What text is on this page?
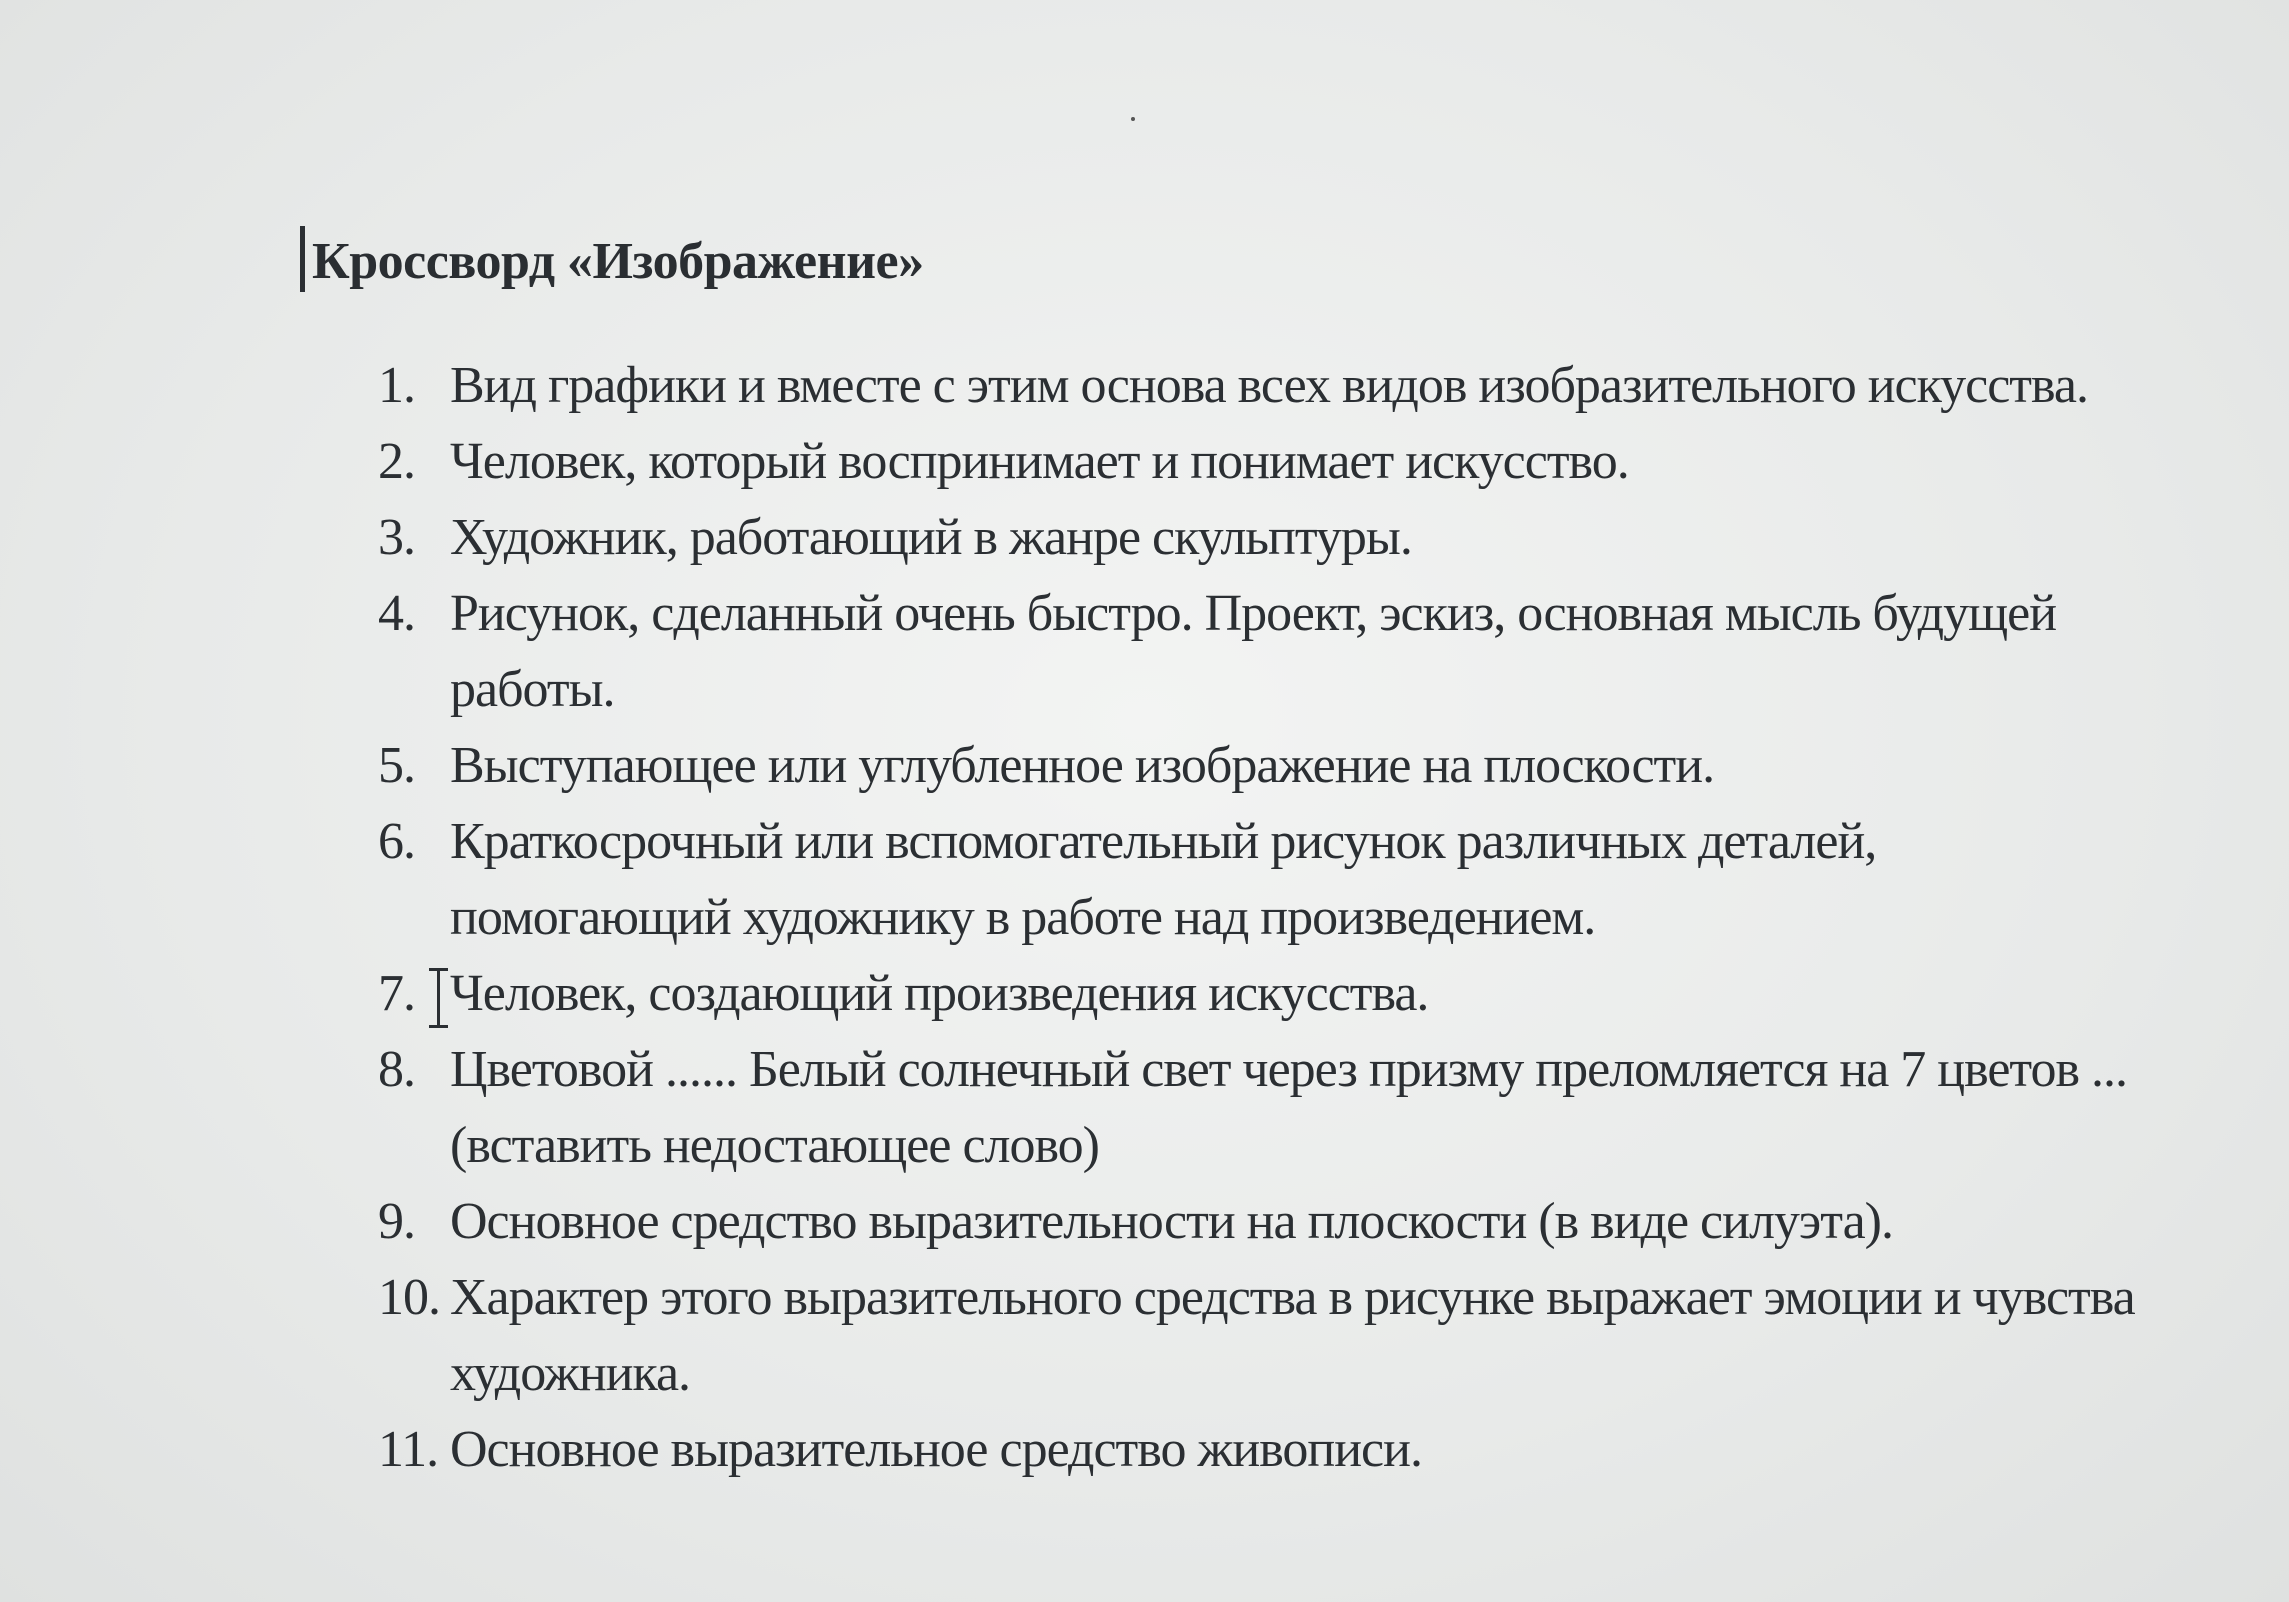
Кроссворд «Изображение»
1. Вид графики и вместе с этим основа всех видов изобразительного искусства.
2. Человек, который воспринимает и понимает искусство.
3. Художник, работающий в жанре скульптуры.
4. Рисунок, сделанный очень быстро. Проект, эскиз, основная мысль будущей работы.
5. Выступающее или углубленное изображение на плоскости.
6. Краткосрочный или вспомогательный рисунок различных деталей, помогающий художнику в работе над произведением.
7. Человек, создающий произведения искусства.
8. Цветовой ...... Белый солнечный свет через призму преломляется на 7 цветов ...(вставить недостающее слово)
9. Основное средство выразительности на плоскости (в виде силуэта).
10. Характер этого выразительного средства в рисунке выражает эмоции и чувства художника.
11. Основное выразительное средство живописи.
